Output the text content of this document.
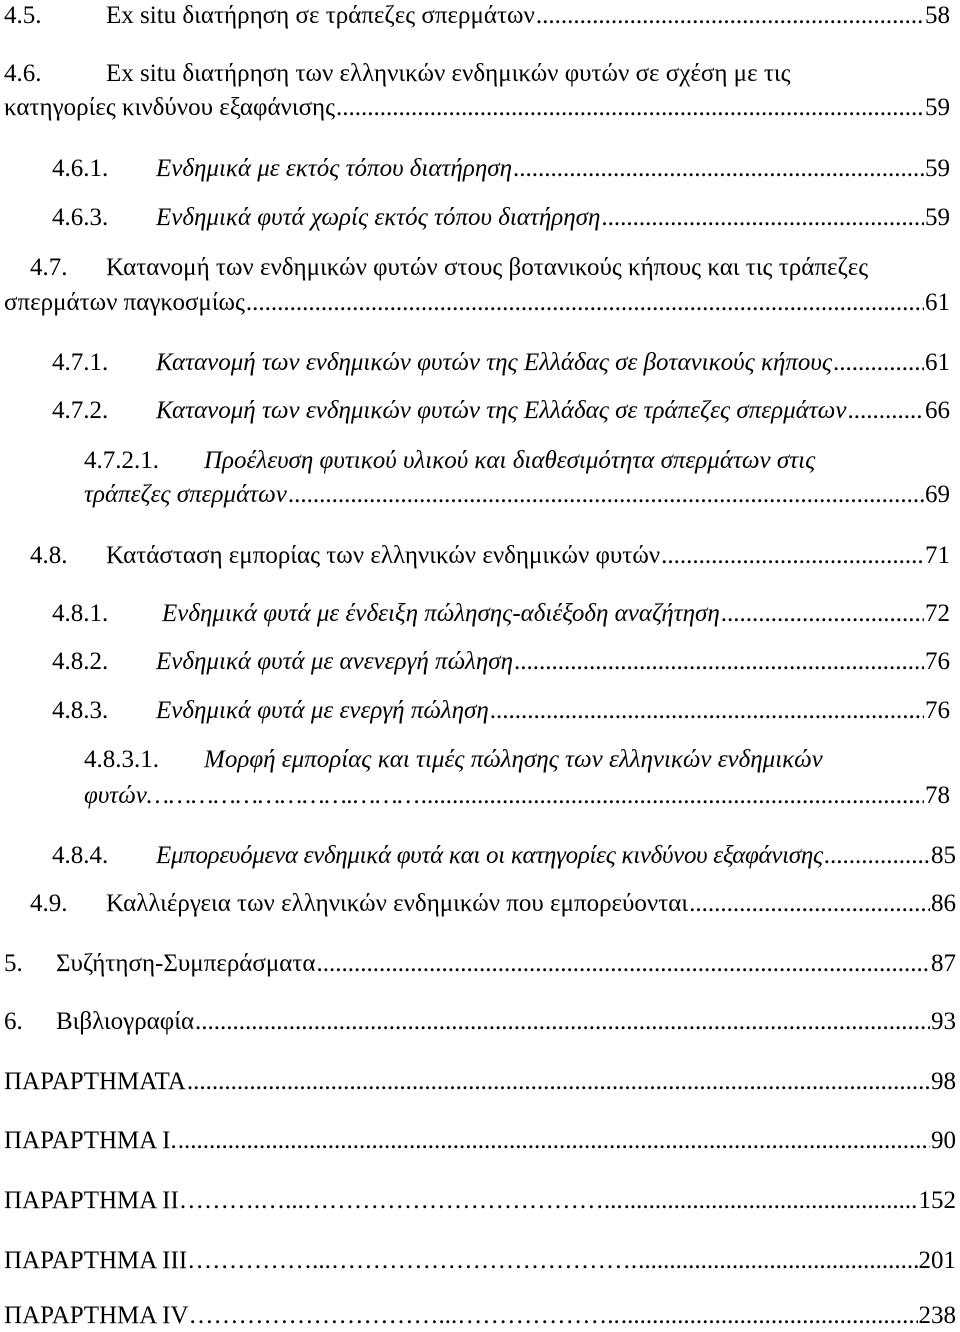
4.5.	Ex situ διατήρηση σε τράπεζες σπερμάτων .....	58
4.6.	Ex situ διατήρηση των ελληνικών ενδημικών φυτών σε σχέση με τις
κατηγορίες κινδύνου εξαφάνισης .....	59
4.6.1.	Ενδημικά με εκτός τόπου διατήρηση .....	59
4.6.3.	Ενδημικά φυτά χωρίς εκτός τόπου διατήρηση .....	59
4.7. Κατανομή των ενδημικών φυτών στους βοτανικούς κήπους και τις τράπεζες
σπερμάτων παγκοσμίως .....	61
4.7.1.	Κατανομή των ενδημικών φυτών της Ελλάδας σε βοτανικούς κήπους .....	61
4.7.2.	Κατανομή των ενδημικών φυτών της Ελλάδας σε τράπεζες σπερμάτων .....	66
4.7.2.1. Προέλευση φυτικού υλικού και διαθεσιμότητα σπερμάτων στις
τράπεζες σπερμάτων .....	69
4.8.	Κατάσταση εμπορίας των ελληνικών ενδημικών φυτών .....	71
4.8.1.	Ενδημικά φυτά με ένδειξη πώλησης-αδιέξοδη αναζήτηση .....	72
4.8.2.	Ενδημικά φυτά με ανενεργή πώληση .....	76
4.8.3.	Ενδημικά φυτά με ενεργή πώληση .....	76
4.8.3.1. Μορφή εμπορίας και τιμές πώλησης των ελληνικών ενδημικών
φυτών……………………….……… .....	78
4.8.4.	Εμπορευόμενα ενδημικά φυτά και οι κατηγορίες κινδύνου εξαφάνισης .....	85
4.9.	Καλλιέργεια των ελληνικών ενδημικών που εμπορεύονται .....	86
5.	Συζήτηση-Συμπεράσματα .....	87
6.	Βιβλιογραφία .....	93
ΠΑΡΑΡΤΗΜΑΤΑ .....	98
ΠΑΡΑΡΤΗΜΑ Ι. .....	90
ΠΑΡΑΡΤΗΜΑ ΙΙ……….…...………………………………... .....	152
ΠΑΡΑΡΤΗΜΑ ΙΙΙ……………...………………………………. .....	201
ΠΑΡΑΡΤΗΜΑ ΙV…………………………...……………….. .....	238
